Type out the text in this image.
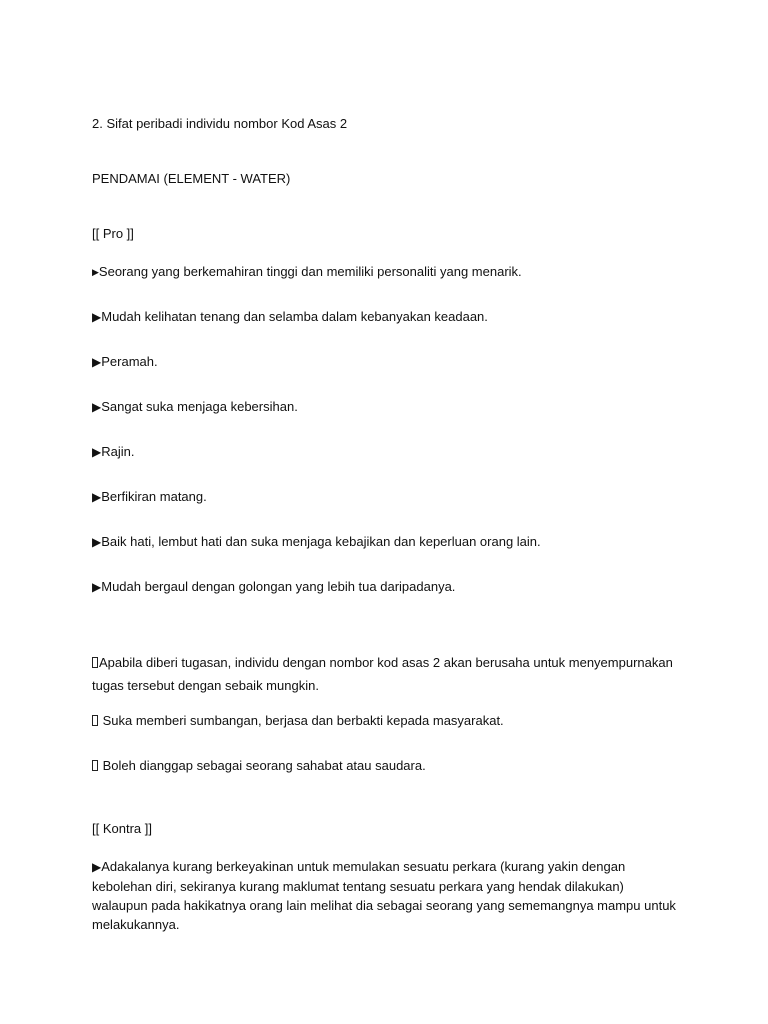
2. Sifat peribadi individu nombor Kod Asas 2
PENDAMAI (ELEMENT - WATER)
[[ Pro ]]
▶Seorang yang berkemahiran tinggi dan memiliki personaliti yang menarik.
▶Mudah kelihatan tenang dan selamba dalam kebanyakan keadaan.
▶Peramah.
▶Sangat suka menjaga kebersihan.
▶Rajin.
▶Berfikiran matang.
▶Baik hati, lembut hati dan suka menjaga kebajikan dan keperluan orang lain.
▶Mudah bergaul dengan golongan yang lebih tua daripadanya.
Apabila diberi tugasan, individu dengan nombor kod asas 2 akan berusaha untuk menyempurnakan tugas tersebut dengan sebaik mungkin.
Suka memberi sumbangan, berjasa dan berbakti kepada masyarakat.
Boleh dianggap sebagai seorang sahabat atau saudara.
[[ Kontra ]]
▶Adakalanya kurang berkeyakinan untuk memulakan sesuatu perkara (kurang yakin dengan kebolehan diri, sekiranya kurang maklumat tentang sesuatu perkara yang hendak dilakukan) walaupun pada hakikatnya orang lain melihat dia sebagai seorang yang sememangnya mampu untuk melakukannya.
